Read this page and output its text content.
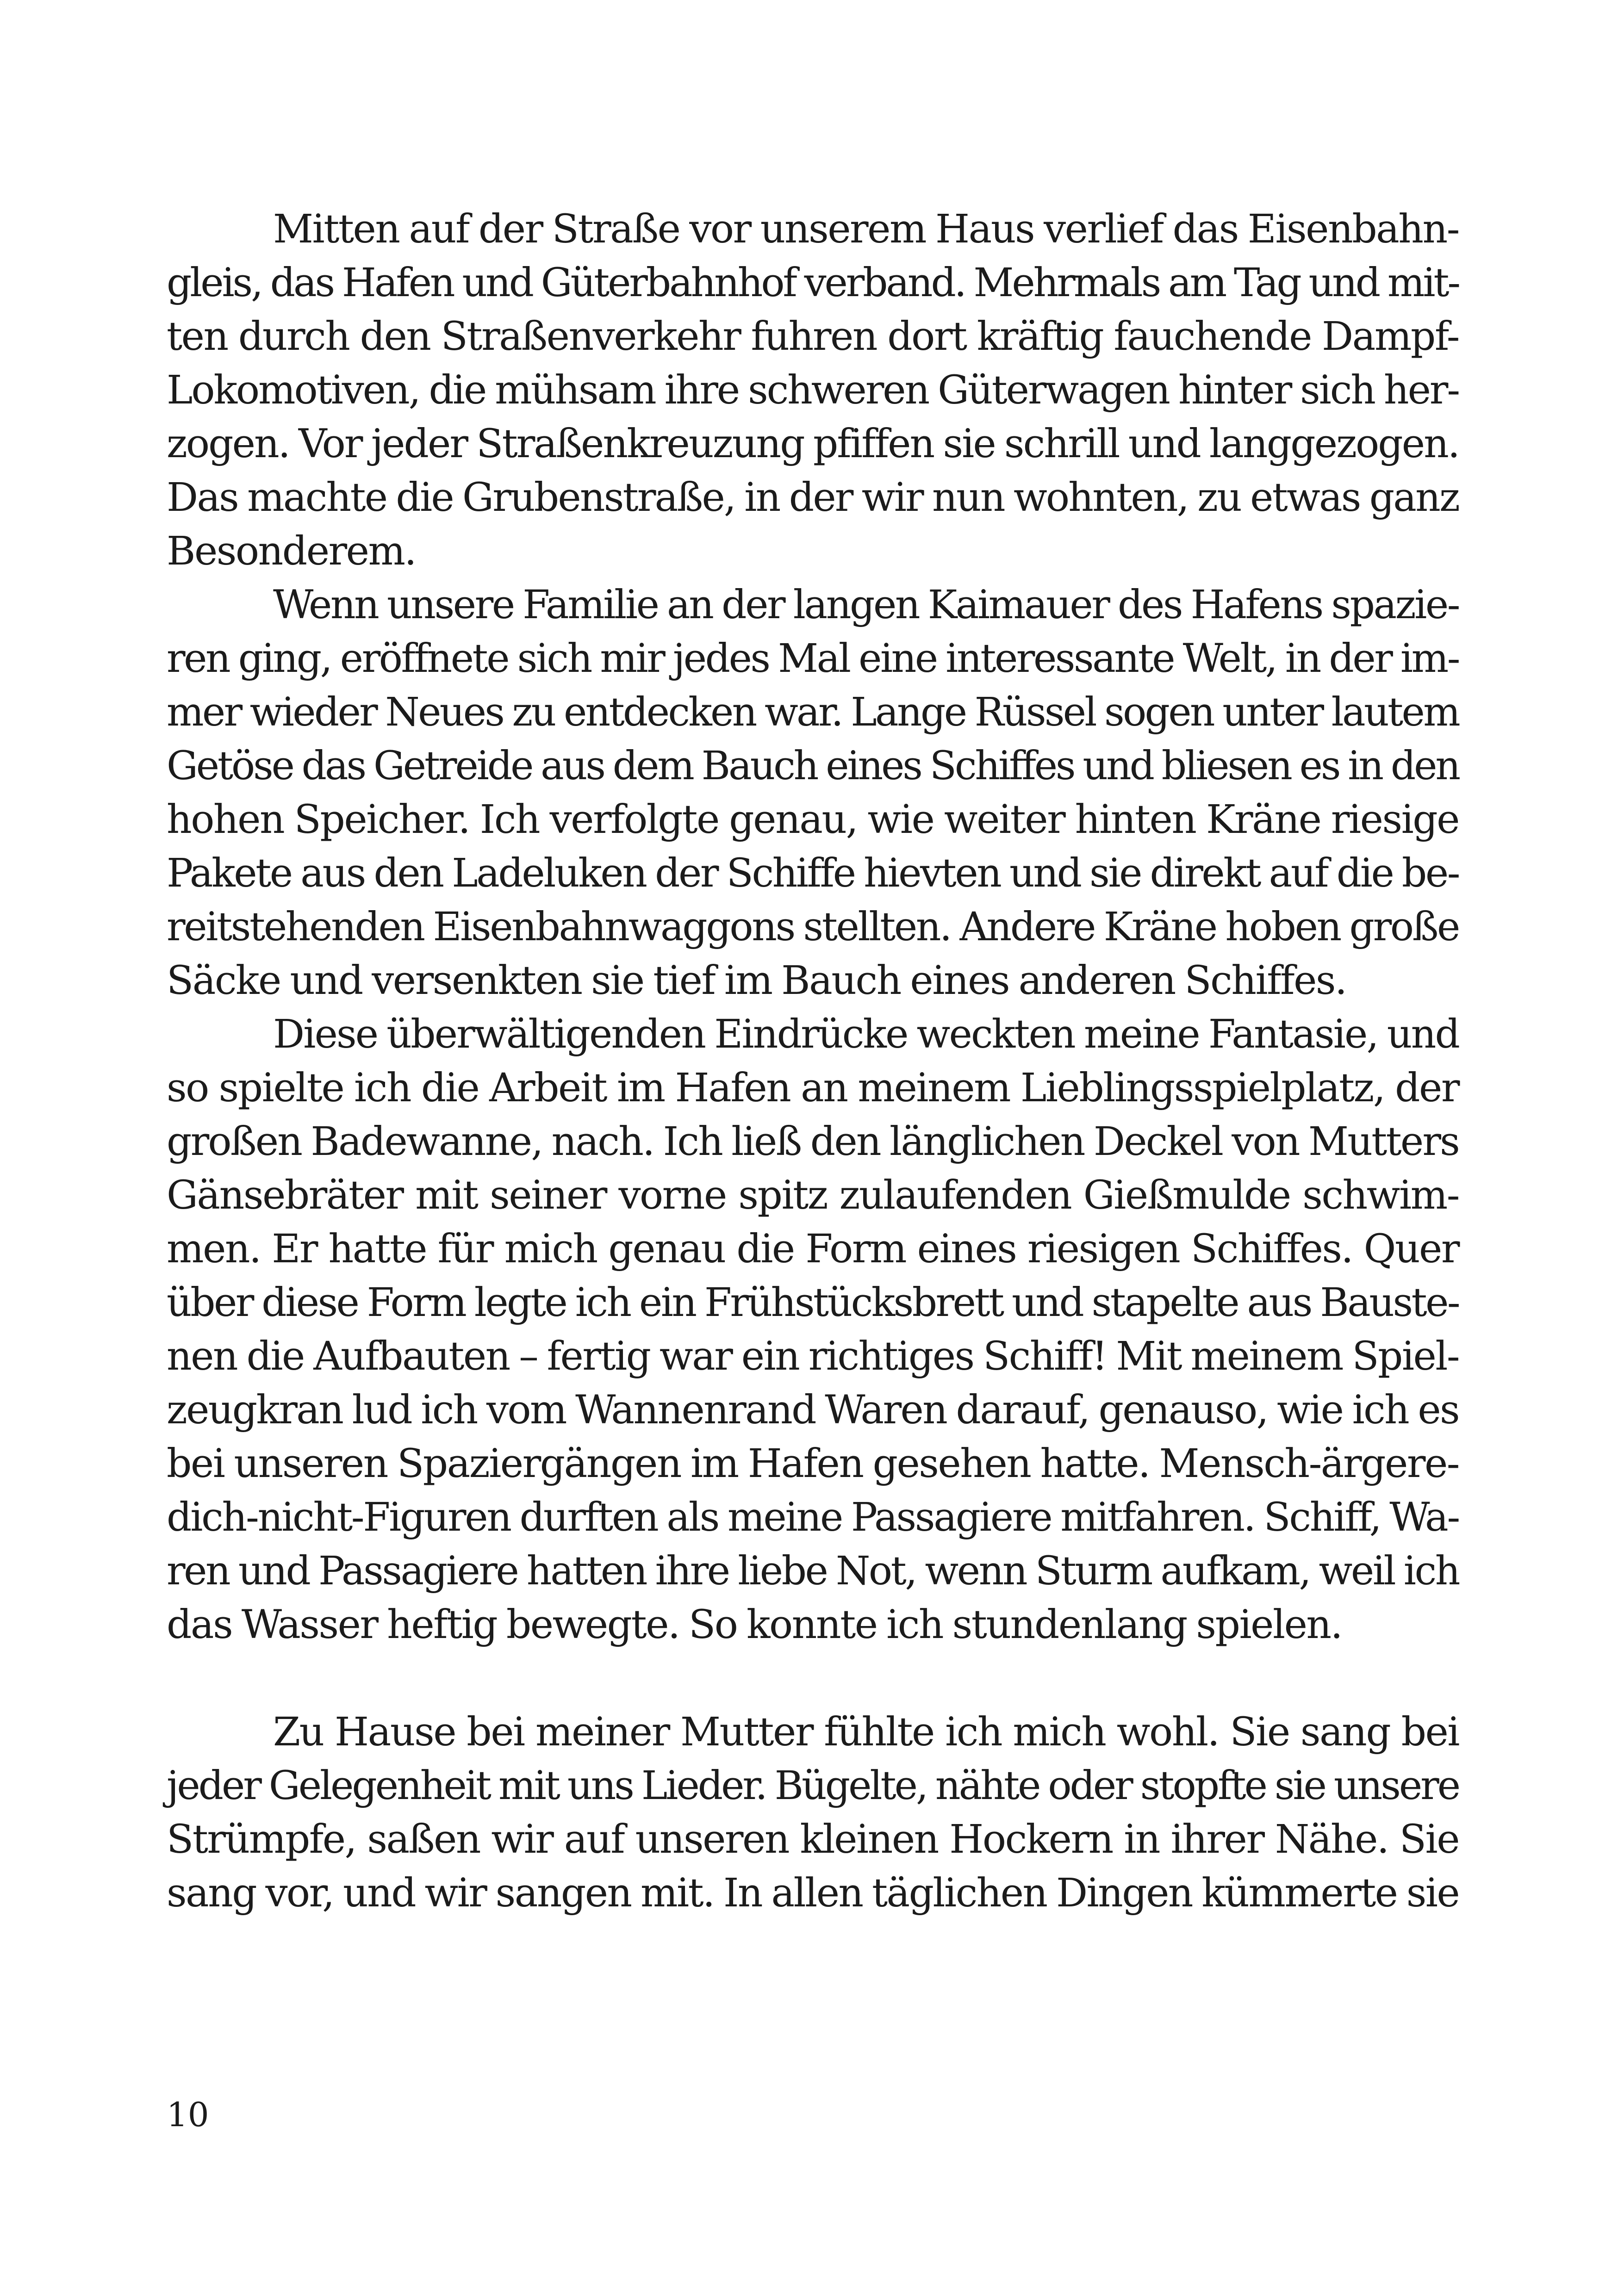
Mitten auf der Straße vor unserem Haus verlief das Eisenbahn-
gleis, das Hafen und Güterbahnhof verband. Mehrmals am Tag und mit-
ten durch den Straßenverkehr fuhren dort kräftig fauchende Dampf-
Lokomotiven, die mühsam ihre schweren Güterwagen hinter sich her-
zogen. Vor jeder Straßenkreuzung pfiffen sie schrill und langgezogen.
Das machte die Grubenstraße, in der wir nun wohnten, zu etwas ganz
Besonderem.

Wenn unsere Familie an der langen Kaimauer des Hafens spazie-
ren ging, eröffnete sich mir jedes Mal eine interessante Welt, in der im-
mer wieder Neues zu entdecken war. Lange Rüssel sogen unter lautem
Getöse das Getreide aus dem Bauch eines Schiffes und bliesen es in den
hohen Speicher. Ich verfolgte genau, wie weiter hinten Kräne riesige
Pakete aus den Ladeluken der Schiffe hievten und sie direkt auf die be-
reitstehenden Eisenbahnwaggons stellten. Andere Kräne hoben große
Säcke und versenkten sie tief im Bauch eines anderen Schiffes.

Diese überwältigenden Eindrücke weckten meine Fantasie, und
so spielte ich die Arbeit im Hafen an meinem Lieblingsspielplatz, der
großen Badewanne, nach. Ich ließ den länglichen Deckel von Mutters
Gänsebräter mit seiner vorne spitz zulaufenden Gießmulde schwim-
men. Er hatte für mich genau die Form eines riesigen Schiffes. Quer
über diese Form legte ich ein Frühstücksbrett und stapelte aus Bauste-
nen die Aufbauten – fertig war ein richtiges Schiff! Mit meinem Spiel-
zeugkran lud ich vom Wannenrand Waren darauf, genauso, wie ich es
bei unseren Spaziergängen im Hafen gesehen hatte. Mensch-ärgere-
dich-nicht-Figuren durften als meine Passagiere mitfahren. Schiff, Wa-
ren und Passagiere hatten ihre liebe Not, wenn Sturm aufkam, weil ich
das Wasser heftig bewegte. So konnte ich stundenlang spielen.

Zu Hause bei meiner Mutter fühlte ich mich wohl. Sie sang bei
jeder Gelegenheit mit uns Lieder. Bügelte, nähte oder stopfte sie unsere
Strümpfe, saßen wir auf unseren kleinen Hockern in ihrer Nähe. Sie
sang vor, und wir sangen mit. In allen täglichen Dingen kümmerte sie

10
